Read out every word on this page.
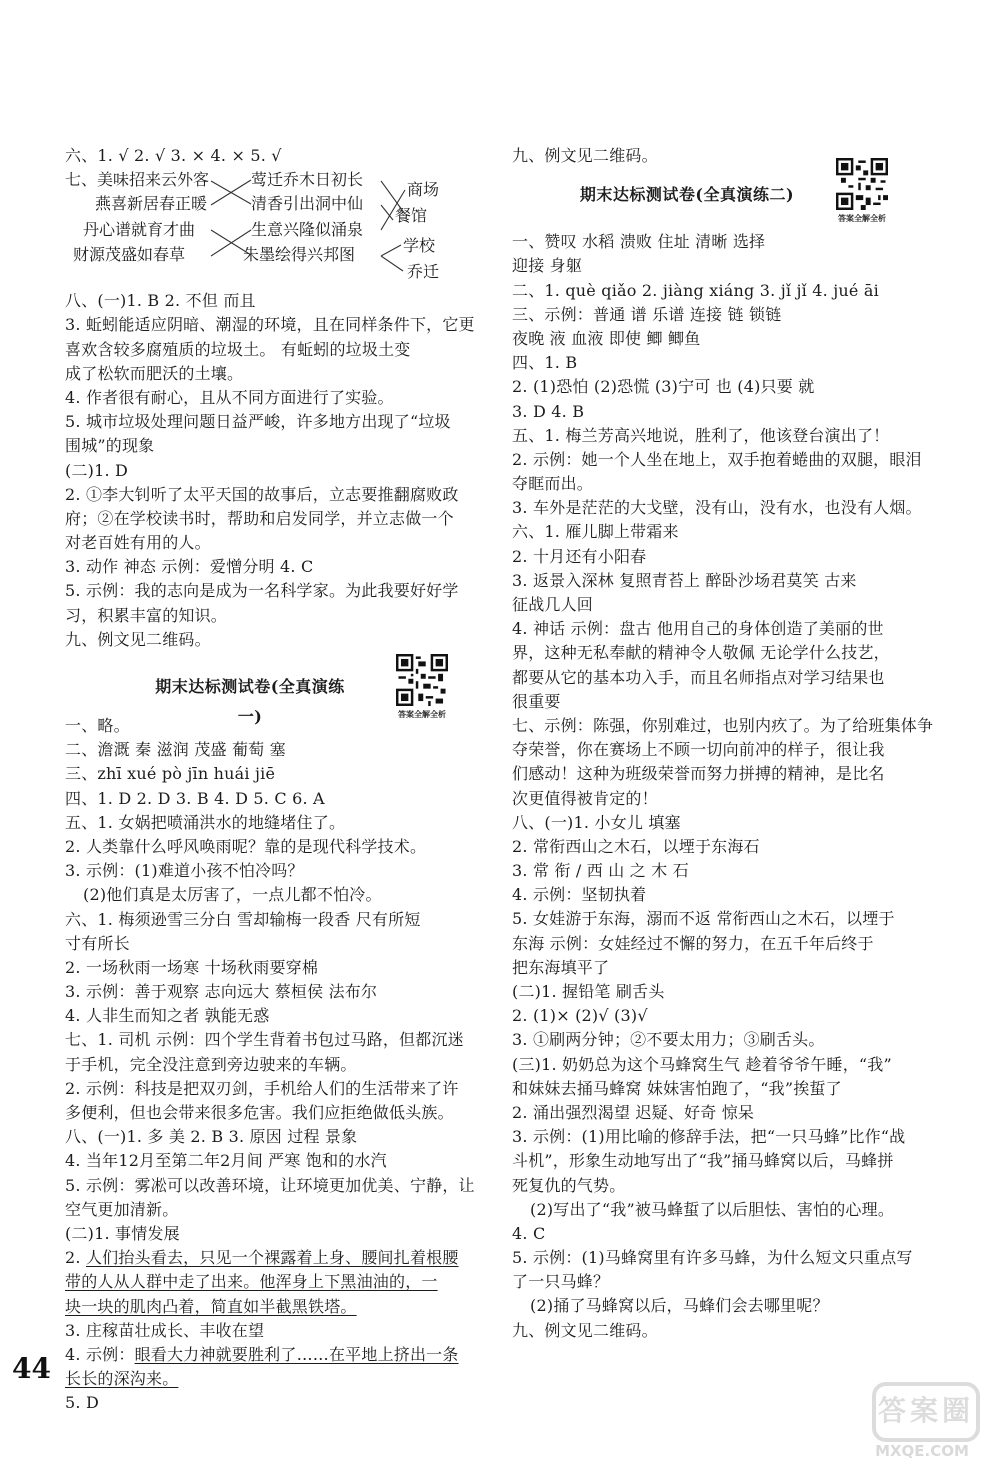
六、1. √ 2. √ 3. × 4. × 5. √
七、 美味招来云外客
燕喜新居春正暖
丹心谱就育才曲
财源茂盛如春草
莺迁乔木日初长
清香引出洞中仙
生意兴隆似涌泉
朱墨绘得兴邦图
商场
餐馆
学校
乔迁
八、(一)1. B 2. 不但 而且
3. 蚯蚓能适应阴暗、潮湿的环境，且在同样条件下，它更
喜欢含较多腐殖质的垃圾土。 有蚯蚓的垃圾土变
成了松软而肥沃的土壤。
4. 作者很有耐心，且从不同方面进行了实验。
5. 城市垃圾处理问题日益严峻，许多地方出现了“垃圾
围城”的现象
(二)1. D
2. ①李大钊听了太平天国的故事后，立志要推翻腐败政
府；②在学校读书时，帮助和启发同学，并立志做一个
对老百姓有用的人。
3. 动作 神态 示例：爱憎分明 4. C
5. 示例：我的志向是成为一名科学家。为此我要好好学
习，积累丰富的知识。
九、例文见二维码。
期末达标测试卷(全真演练一)	答案全解全析
一、略。
二、澹溉 秦 滋润 茂盛 葡萄 塞
三、zhī xué pò jīn huái jiē
四、1. D 2. D 3. B 4. D 5. C 6. A
五、1. 女娲把喷涌洪水的地缝堵住了。
2. 人类靠什么呼风唤雨呢？靠的是现代科学技术。
3. 示例：(1)难道小孩不怕冷吗？
(2)他们真是太厉害了，一点儿都不怕冷。
六、1. 梅须逊雪三分白 雪却输梅一段香 尺有所短
寸有所长
2. 一场秋雨一场寒 十场秋雨要穿棉
3. 示例：善于观察 志向远大 蔡桓侯 法布尔
4. 人非生而知之者 孰能无惑
七、1. 司机 示例：四个学生背着书包过马路，但都沉迷
于手机，完全没注意到旁边驶来的车辆。
2. 示例：科技是把双刃剑，手机给人们的生活带来了许
多便利，但也会带来很多危害。我们应拒绝做低头族。
八、(一)1. 多 美 2. B 3. 原因 过程 景象
4. 当年12月至第二年2月间 严寒 饱和的水汽
5. 示例：雾凇可以改善环境，让环境更加优美、宁静，让
空气更加清新。
(二)1. 事情发展
2. 人们抬头看去，只见一个裸露着上身、腰间扎着根腰
带的人从人群中走了出来。他浑身上下黑油油的，一
块一块的肌肉凸着，简直如半截黑铁塔。
3. 庄稼苗壮成长、丰收在望
4. 示例：眼看大力神就要胜利了……在平地上挤出一条
长长的深沟来。
5. D
九、例文见二维码。
期末达标测试卷(全真演练二)
答案全解全析
一、赞叹 水稻 溃败 住址 清晰 选择
迎接 身躯
二、1. què qiǎo 2. jiàng xiáng 3. jǐ jǐ 4. jué āi
三、示例：普通 谱 乐谱 连接 链 锁链
夜晚 液 血液 即使 鲫 鲫鱼
四、1. B
2. (1)恐怕 (2)恐慌 (3)宁可 也 (4)只要 就
3. D 4. B
五、1. 梅兰芳高兴地说，胜利了，他该登台演出了！
2. 示例：她一个人坐在地上，双手抱着蜷曲的双腿，眼泪
夺眶而出。
3. 车外是茫茫的大戈壁，没有山，没有水，也没有人烟。
六、1. 雁儿脚上带霜来
2. 十月还有小阳春
3. 返景入深林 复照青苔上 醉卧沙场君莫笑 古来
征战几人回
4. 神话 示例：盘古 他用自己的身体创造了美丽的世
界，这种无私奉献的精神令人敬佩 无论学什么技艺，
都要从它的基本功入手，而且名师指点对学习结果也
很重要
七、示例：陈强，你别难过，也别内疚了。为了给班集体争
夺荣誉，你在赛场上不顾一切向前冲的样子，很让我
们感动！这种为班级荣誉而努力拼搏的精神，是比名
次更值得被肯定的！
八、(一)1. 小女儿 填塞
2. 常衔西山之木石，以堙于东海石
3. 常 衔 / 西 山 之 木 石
4. 示例：坚韧执着
5. 女娃游于东海，溺而不返 常衔西山之木石，以堙于
东海 示例：女娃经过不懈的努力，在五千年后终于
把东海填平了
(二)1. 握铅笔 刷舌头
2. (1)× (2)√ (3)√
3. ①刷两分钟；②不要太用力；③刷舌头。
(三)1. 奶奶总为这个马蜂窝生气 趁着爷爷午睡，“我”
和妹妹去捅马蜂窝 妹妹害怕跑了，“我”挨蜇了
2. 涌出强烈渴望 迟疑、好奇 惊呆
3. 示例：(1)用比喻的修辞手法，把“一只马蜂”比作“战
斗机”，形象生动地写出了“我”捅马蜂窝以后，马蜂拼
死复仇的气势。
(2)写出了“我”被马蜂蜇了以后胆怯、害怕的心理。
4. C
5. 示例：(1)马蜂窝里有许多马蜂，为什么短文只重点写
了一只马蜂？
(2)捅了马蜂窝以后，马蜂们会去哪里呢？
九、例文见二维码。
44
答案圈
MXQE.COM
